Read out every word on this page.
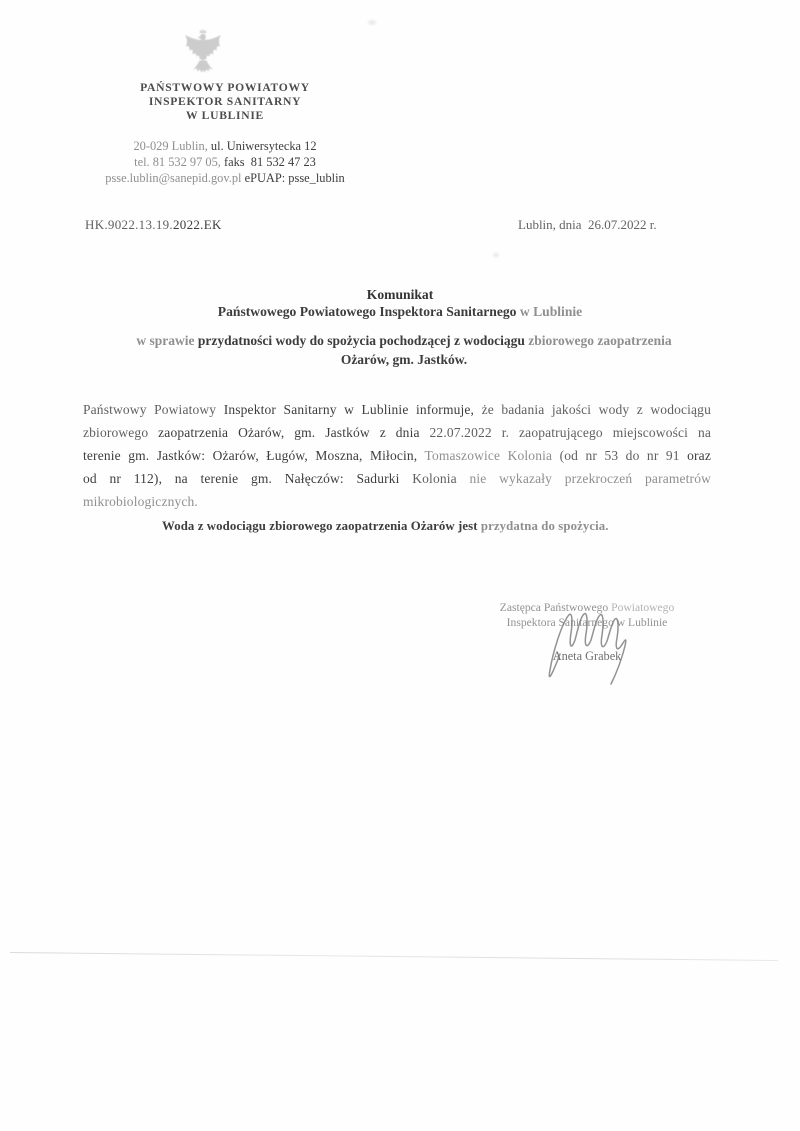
PAŃSTWOWY POWIATOWY
INSPEKTOR SANITARNY
W LUBLINIE
20-029 Lublin, ul. Uniwersytecka 12
tel. 81 532 97 05, faks  81 532 47 23
psse.lublin@sanepid.gov.pl ePUAP: psse_lublin
HK.9022.13.19.2022.EK	Lublin, dnia  26.07.2022 r.
Komunikat
Państwowego Powiatowego Inspektora Sanitarnego w Lublinie
w sprawie przydatności wody do spożycia pochodzącej z wodociągu zbiorowego zaopatrzenia
Ożarów, gm. Jastków.
Państwowy Powiatowy Inspektor Sanitarny w Lublinie informuje, że badania jakości wody z wodociągu zbiorowego zaopatrzenia Ożarów, gm. Jastków z dnia 22.07.2022 r. zaopatrującego miejscowości na terenie gm. Jastków: Ożarów, Ługów, Moszna, Miłocin, Tomaszowice Kolonia (od nr 53 do nr 91 oraz od nr 112), na terenie gm. Nałęczów: Sadurki Kolonia nie wykazały przekroczeń parametrów mikrobiologicznych.
Woda z wodociągu zbiorowego zaopatrzenia Ożarów jest przydatna do spożycia.
Zastępca Państwowego Powiatowego
Inspektora Sanitarnego w Lublinie
Aneta Grabek
